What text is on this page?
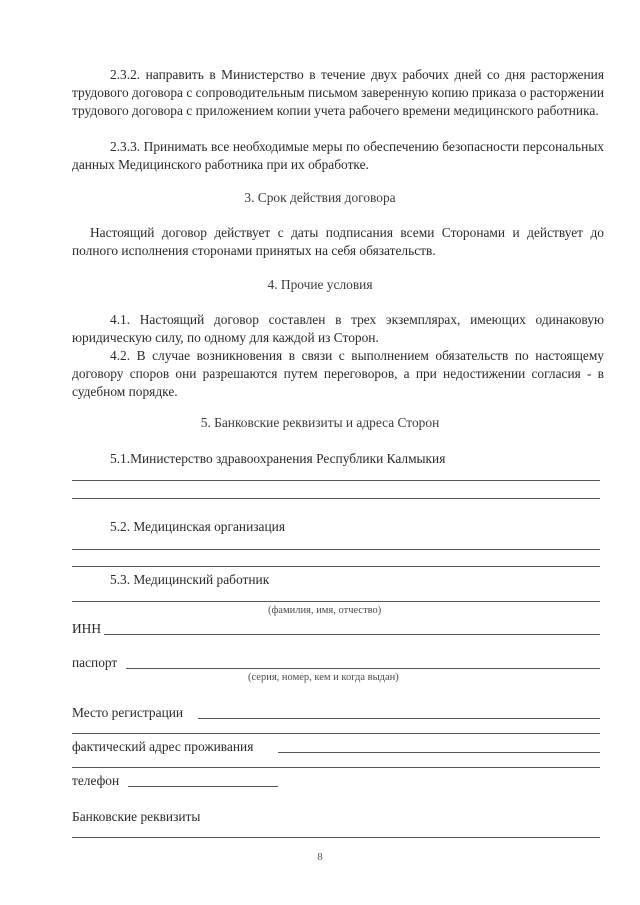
2.3.2. направить в Министерство в течение двух рабочих дней со дня расторжения трудового договора с сопроводительным письмом заверенную копию приказа о расторжении трудового договора с приложением копии учета рабочего времени медицинского работника.

2.3.3. Принимать все необходимые меры по обеспечению безопасности персональных данных Медицинского работника при их обработке.

3. Срок действия договора

Настоящий договор действует с даты подписания всеми Сторонами и действует до полного исполнения сторонами принятых на себя обязательств.

4. Прочие условия

4.1. Настоящий договор составлен в трех экземплярах, имеющих одинаковую юридическую силу, по одному для каждой из Сторон.

4.2. В случае возникновения в связи с выполнением обязательств по настоящему договору споров они разрешаются путем переговоров, а при недостижении согласия - в судебном порядке.

5. Банковские реквизиты и адреса Сторон

5.1.Министерство здравоохранения Республики Калмыкия
5.2. Медицинская организация
5.3. Медицинский работник
(фамилия, имя, отчество)
ИНН
паспорт
(серия, номер, кем и когда выдан)
Место регистрации
фактический адрес проживания
телефон
Банковские реквизиты
8
